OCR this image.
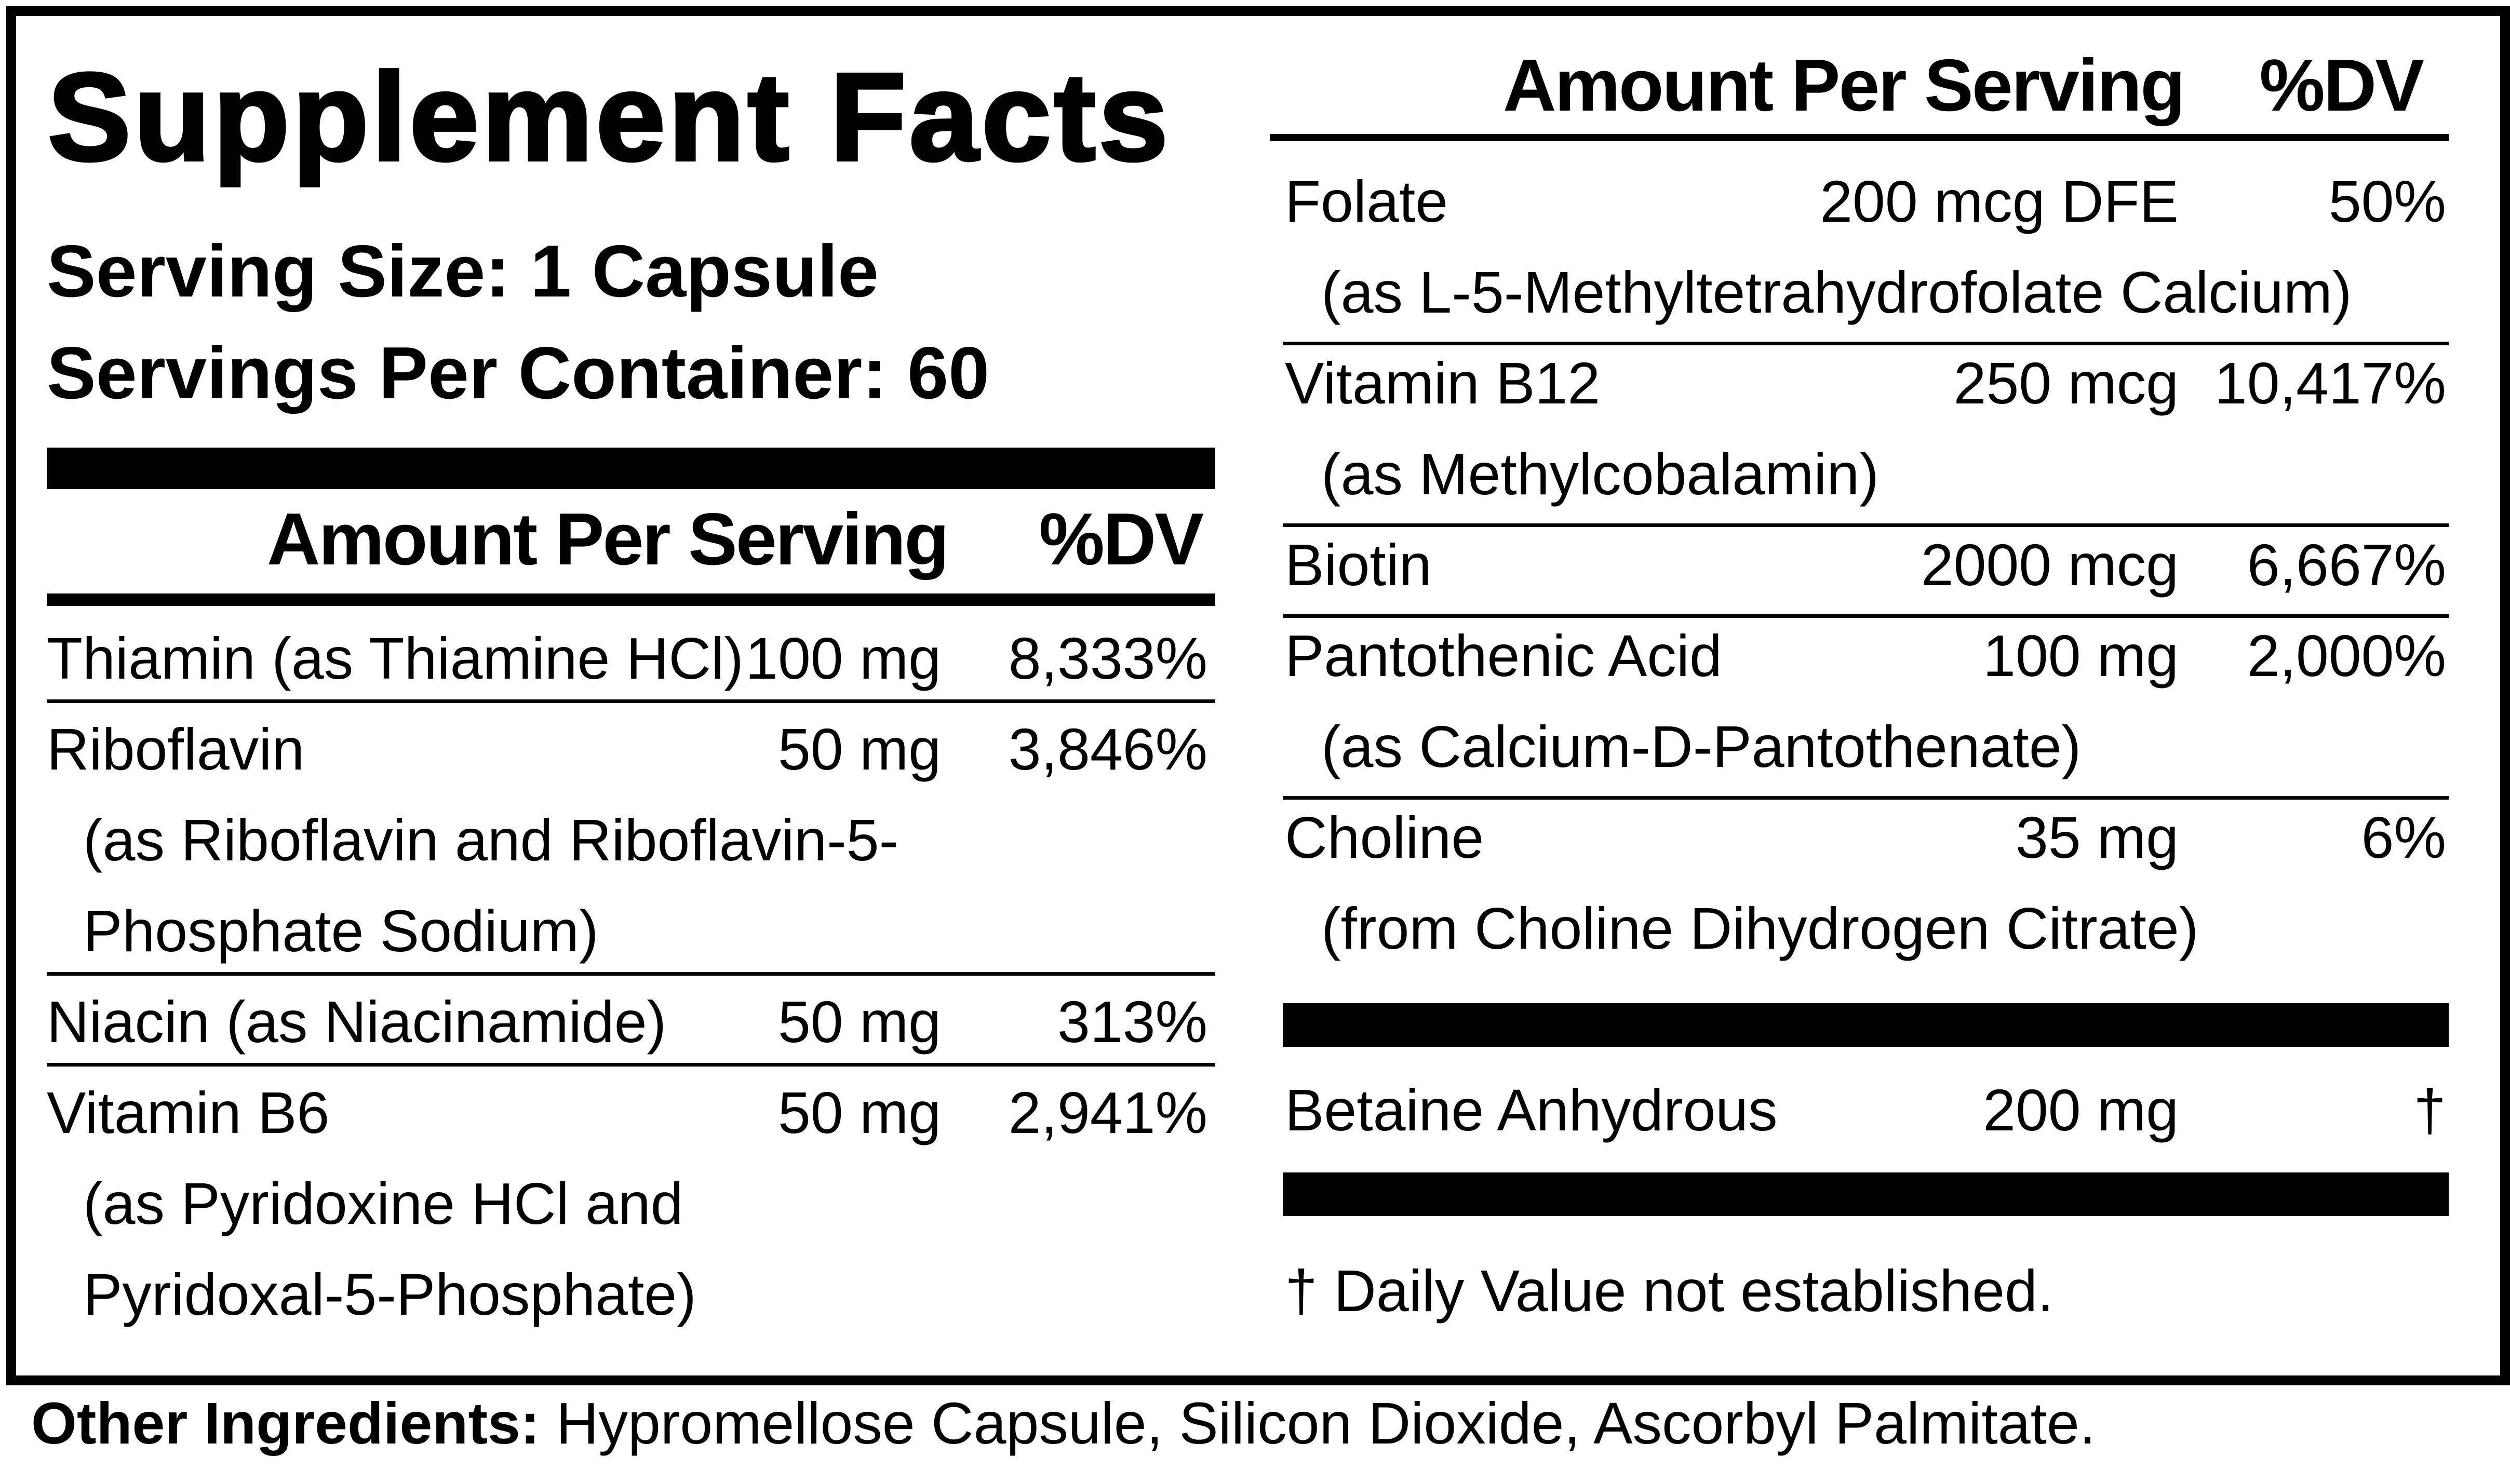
Supplement Facts
Serving Size: 1 Capsule
Servings Per Container: 60
Amount Per Serving	%DV
Thiamin (as Thiamine HCl) 100 mg	8,333%
Riboflavin	50 mg	3,846%
(as Riboflavin and Riboflavin-5-
Phosphate Sodium)
Niacin (as Niacinamide)	50 mg	313%
Vitamin B6	50 mg	2,941%
(as Pyridoxine HCl and
Pyridoxal-5-Phosphate)
Amount Per Serving	%DV
Folate	200 mcg DFE	50%
(as L-5-Methyltetrahydrofolate Calcium)
Vitamin B12	250 mcg 10,417%
(as Methylcobalamin)
Biotin	2000 mcg	6,667%
Pantothenic Acid	100 mg	2,000%
(as Calcium-D-Pantothenate)
Choline	35 mg	6%
(from Choline Dihydrogen Citrate)
Betaine Anhydrous	200 mg	†
† Daily Value not established.
Other Ingredients: Hypromellose Capsule, Silicon Dioxide, Ascorbyl Palmitate.
